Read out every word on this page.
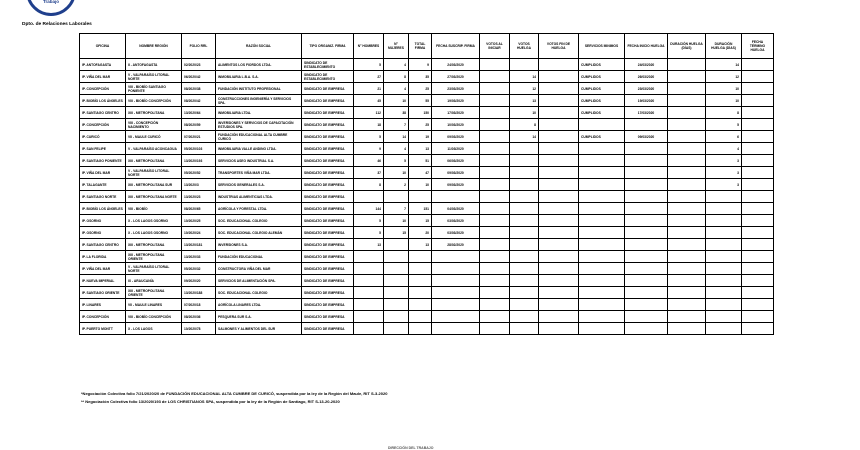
Trabajo
Dpto. de Relaciones Laborales
OFICINA	NOMBRE REGIÓN	FOLIO RRL	RAZÓN SOCIAL	TIPO ORGANIZ. FIRMA	N° HOMBRES	N° MUJERES	TOTAL FIRMA	FECHA SUSCRIP. FIRMA	VOTOS AL INICIAR	VOTOS HUELGA	VOTOS FIN DE HUELGA	SERVICIOS MINIMOS	FECHA INICIO HUELGA	DURACIÓN HUELGA (DÍAS)	DURACIÓN HUELGA (DÍAS)	FECHA TÉRMINO HUELGA
IP. ANTOFAGASTA	II - ANTOFAGASTA	02/2020/23	ALIMENTOS LOS FIORDOS LTDA.	SINDICATO DE ESTABLECIMIENTO	5	4	9	24/03/2020				CUMPLIDOS	24/03/2020		14	
IP. VIÑA DEL MAR	V - VALPARAÍSO LITORAL NORTE	06/2020/42	INMOBILIARIA L.B.A. S.A.	SINDICATO DE ESTABLECIMIENTO	27	8	35	27/03/2020		14		CUMPLIDOS	26/03/2020		12	
IP. CONCEPCIÓN	VIII - BIOBÍO SANTIAGO PONIENTE	08/2020/38	FUNDACIÓN INSTITUTO PROFESIONAL	SINDICATO DE EMPRESA	21	4	25	23/03/2020		12		CUMPLIDOS	23/03/2020		10	
IP. BIOBÍO LOS ÁNGELES	VIII - BIOBÍO CONCEPCIÓN	08/2020/42	CONSTRUCCIONES INGENIERÍA Y SERVICIOS SPA.	SINDICATO DE EMPRESA	45	10	55	19/03/2020		13		CUMPLIDOS	19/03/2020		10	
IP. SANTIAGO CENTRO	XIII - METROPOLITANA	13/2020/64	INMOBILIARIA LTDA.	SINDICATO DE EMPRESA	112	38	150	17/03/2020		10		CUMPLIDOS	17/03/2020		8	
IP. CONCEPCIÓN	VIII - CONCEPCIÓN NACIMIENTO	08/2020/59	INVERSIONES Y SERVICIOS DE CAPACITACIÓN ESTUDIOS SPA.	SINDICATO DE EMPRESA	18	7	25	10/03/2020		8					5	
IP. CURICÓ	VII - MAULE CURICÓ	07/2020/21	FUNDACIÓN EDUCACIONAL ALTA CUMBRE CURICÓ	SINDICATO DE EMPRESA	5	14	19	09/03/2020		14		CUMPLIDOS	09/03/2020		6	
IP. SAN FELIPE	V - VALPARAÍSO ACONCAGUA	05/2020/103	INMOBILIARIA VALLE ANDINO LTDA.	SINDICATO DE EMPRESA	9	4	13	11/03/2020							4	
IP. SANTIAGO PONIENTE	XIII - METROPOLITANA	13/2020/193	SERVICIOS ASEO INDUSTRIAL S.A.	SINDICATO DE EMPRESA	46	5	51	06/03/2020							3	
IP. VIÑA DEL MAR	V - VALPARAÍSO LITORAL NORTE	05/2020/52	TRANSPORTES VIÑA MAR LTDA.	SINDICATO DE EMPRESA	37	10	47	09/03/2020							3	
IP. TALAGANTE	XIII - METROPOLITANA SUR	13/2020/3	SERVICIOS GENERALES S.A.	SINDICATO DE EMPRESA	8	2	10	09/03/2020							3	
IP. SANTIAGO NORTE	XIII - METROPOLITANA NORTE	13/2020/23	INDUSTRIAS ALIMENTICIAS LTDA.	SINDICATO DE EMPRESA												
IP. BIOBÍO LOS ÁNGELES	VIII - BIOBÍO	08/2020/65	AGRÍCOLA Y FORESTAL LTDA.	SINDICATO DE EMPRESA	144	7	151	04/03/2020								
IP. OSORNO	X - LOS LAGOS OSORNO	10/2020/25	SOC. EDUCACIONAL COLEGIO	SINDICATO DE EMPRESA	5	10	15	03/03/2020								
IP. OSORNO	X - LOS LAGOS OSORNO	10/2020/24	SOC. EDUCACIONAL COLEGIO ALEMÁN	SINDICATO DE EMPRESA	5	15	20	03/03/2020								
IP. SANTIAGO CENTRO	XIII - METROPOLITANA	13/2020/181	INVERSIONES S.A.	SINDICATO DE EMPRESA	13		13	28/02/2020								
IP. LA FLORIDA	XIII - METROPOLITANA ORIENTE	13/2020/33	FUNDACIÓN EDUCACIONAL	SINDICATO DE EMPRESA												
IP. VIÑA DEL MAR	V - VALPARAÍSO LITORAL NORTE	05/2020/32	CONSTRUCTORA VIÑA DEL MAR	SINDICATO DE EMPRESA												
IP. NUEVA IMPERIAL	IX - ARAUCANÍA	09/2020/20	SERVICIOS DE ALIMENTACIÓN SPA.	SINDICATO DE EMPRESA												
IP. SANTIAGO ORIENTE	XIII - METROPOLITANA ORIENTE	13/2020/188	SOC. EDUCACIONAL COLEGIO	SINDICATO DE EMPRESA												
IP. LINARES	VII - MAULE LINARES	07/2020/18	AGRÍCOLA LINARES LTDA.	SINDICATO DE EMPRESA												
IP. CONCEPCIÓN	VIII - BIOBÍO CONCEPCIÓN	08/2020/36	PESQUERA SUR S.A.	SINDICATO DE EMPRESA												
IP. PUERTO MONTT	X - LOS LAGOS	10/2020/78	SALMONES Y ALIMENTOS DEL SUR	SINDICATO DE EMPRESA												
*Negociación Colectiva folio 7/21/2020/20 de FUNDACIÓN EDUCACIONAL ALTA CUMBRE DE CURICÓ, suspendida por la ley de la Región del Maule, RIT S-3-2020
** Negociación Colectiva folio 13/2020/193 de LOS CHRISTIANOS SPA, suspendida por la ley de la Región de Santiago, RIT S-13-20-2020
DIRECCIÓN DEL TRABAJO
